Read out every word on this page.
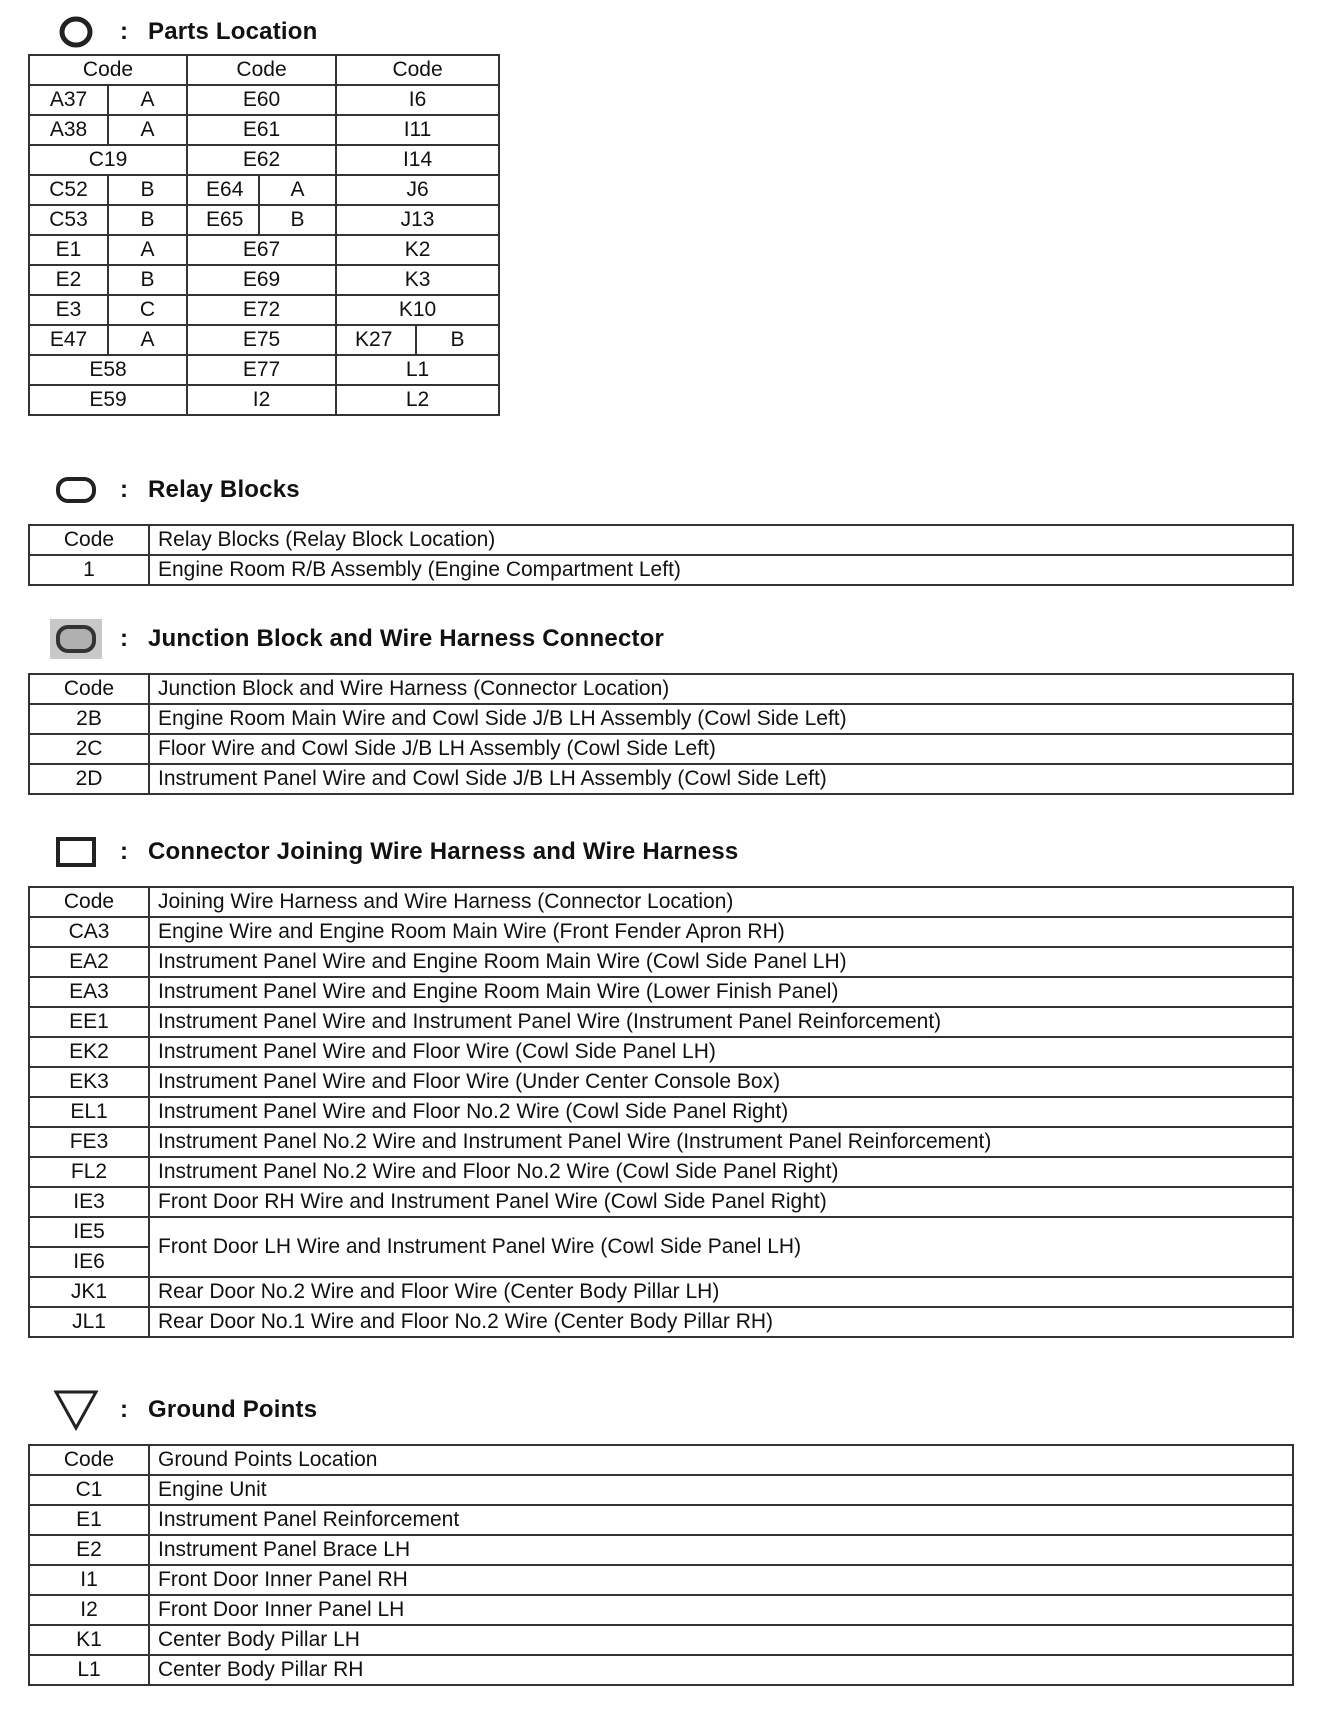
: Parts Location
Code		Code		Code	
A37	A	E60		I6	
A38	A	E61		I11	
C19		E62		I14	
C52	B	E64	A	J6	
C53	B	E65	B	J13	
E1	A	E67		K2	
E2	B	E69		K3	
E3	C	E72		K10	
E47	A	E75		K27	B
E58		E77		L1	
E59		I2		L2	
: Relay Blocks
Code	Relay Blocks (Relay Block Location)
1	Engine Room R/B Assembly (Engine Compartment Left)
: Junction Block and Wire Harness Connector
Code	Junction Block and Wire Harness (Connector Location)
2B	Engine Room Main Wire and Cowl Side J/B LH Assembly (Cowl Side Left)
2C	Floor Wire and Cowl Side J/B LH Assembly (Cowl Side Left)
2D	Instrument Panel Wire and Cowl Side J/B LH Assembly (Cowl Side Left)
: Connector Joining Wire Harness and Wire Harness
Code	Joining Wire Harness and Wire Harness (Connector Location)
CA3	Engine Wire and Engine Room Main Wire (Front Fender Apron RH)
EA2	Instrument Panel Wire and Engine Room Main Wire (Cowl Side Panel LH)
EA3	Instrument Panel Wire and Engine Room Main Wire (Lower Finish Panel)
EE1	Instrument Panel Wire and Instrument Panel Wire (Instrument Panel Reinforcement)
EK2	Instrument Panel Wire and Floor Wire (Cowl Side Panel LH)
EK3	Instrument Panel Wire and Floor Wire (Under Center Console Box)
EL1	Instrument Panel Wire and Floor No.2 Wire (Cowl Side Panel Right)
FE3	Instrument Panel No.2 Wire and Instrument Panel Wire (Instrument Panel Reinforcement)
FL2	Instrument Panel No.2 Wire and Floor No.2 Wire (Cowl Side Panel Right)
IE3	Front Door RH Wire and Instrument Panel Wire (Cowl Side Panel Right)
IE5	Front Door LH Wire and Instrument Panel Wire (Cowl Side Panel LH)
IE6	
JK1	Rear Door No.2 Wire and Floor Wire (Center Body Pillar LH)
JL1	Rear Door No.1 Wire and Floor No.2 Wire (Center Body Pillar RH)
: Ground Points
Code	Ground Points Location
C1	Engine Unit
E1	Instrument Panel Reinforcement
E2	Instrument Panel Brace LH
I1	Front Door Inner Panel RH
I2	Front Door Inner Panel LH
K1	Center Body Pillar LH
L1	Center Body Pillar RH
